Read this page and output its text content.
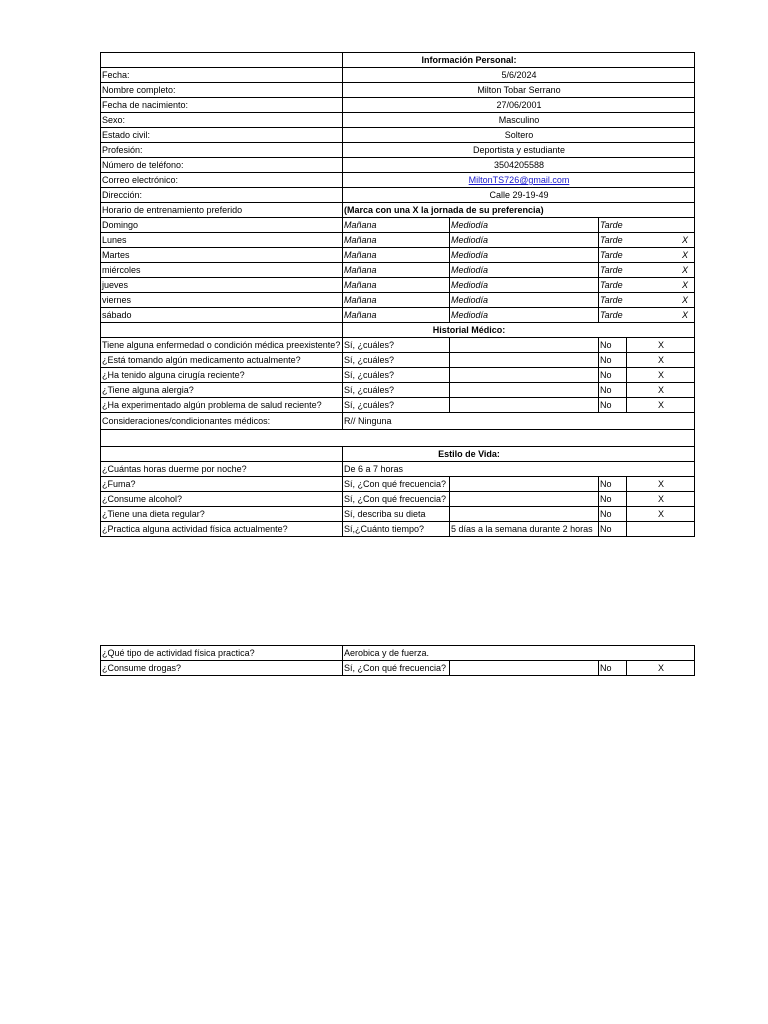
	Información Personal:			
Fecha:	5/6/2024			
Nombre completo:	Milton Tobar Serrano			
Fecha de nacimiento:	27/06/2001			
Sexo:	Masculino			
Estado civil:	Soltero			
Profesión:	Deportista y estudiante			
Número de teléfono:	3504205588			
Correo electrónico:	MiltonTS726@gmail.com			
Dirección:	Calle 29-19-49			
Horario de entrenamiento preferido	(Marca con una X la jornada de su preferencia)			
Domingo	Mañana	Mediodía	Tarde	
Lunes	Mañana	Mediodía	Tarde	X
Martes	Mañana	Mediodía	Tarde	X
miércoles	Mañana	Mediodía	Tarde	X
jueves	Mañana	Mediodía	Tarde	X
viernes	Mañana	Mediodía	Tarde	X
sábado	Mañana	Mediodía	Tarde	X
	Historial Médico:			
Tiene alguna enfermedad o condición médica preexistente?	Sí, ¿cuáles?		No	X
¿Está tomando algún medicamento actualmente?	Sí, ¿cuáles?		No	X
¿Ha tenido alguna cirugía reciente?	Sí, ¿cuáles?		No	X
¿Tiene alguna alergia?	Sí, ¿cuáles?		No	X
¿Ha experimentado algún problema de salud reciente?	Sí, ¿cuáles?		No	X
Consideraciones/condicionantes médicos:	R// Ninguna			

	Estilo de Vida:			
¿Cuántas horas duerme por noche?	De 6 a 7 horas			
¿Fuma?	Sí, ¿Con qué frecuencia?		No	X
¿Consume alcohol?	Sí, ¿Con qué frecuencia?		No	X
¿Tiene una dieta regular?	Sí, describa su dieta		No	X
¿Practica alguna actividad física actualmente?	Sí,¿Cuánto tiempo?	5 días a la semana durante 2 horas	No	
¿Qué tipo de actividad física practica?	Aerobica y de fuerza.			
¿Consume drogas?	Sí, ¿Con qué frecuencia?		No	X
